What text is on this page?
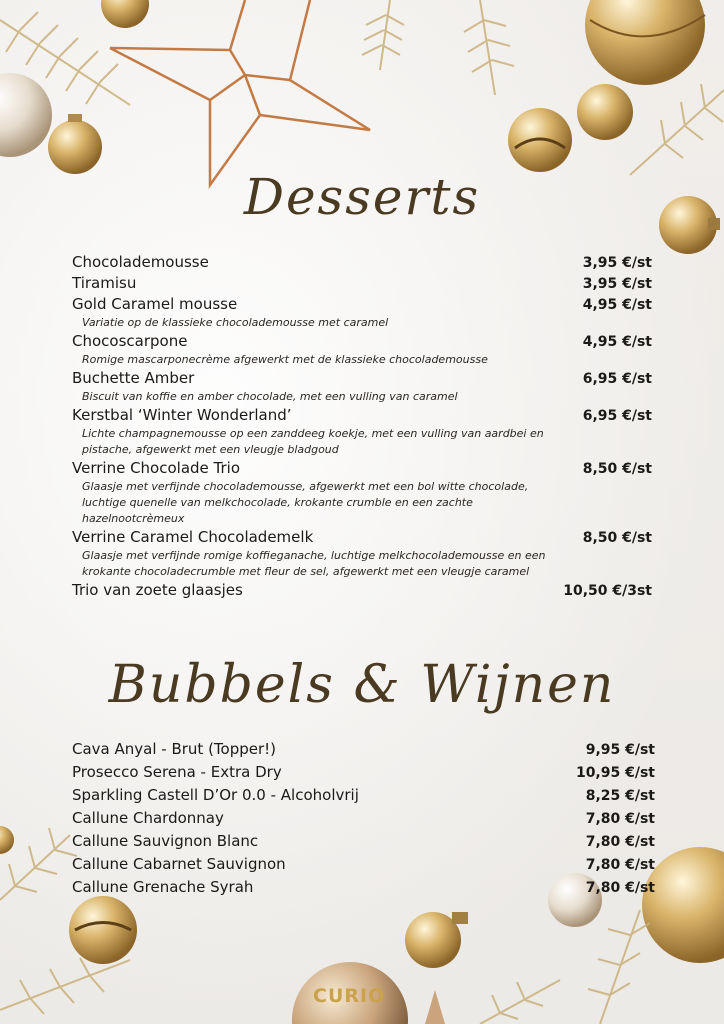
Desserts
Chocolademousse	3,95 €/st
Tiramisu	3,95 €/st
Gold Caramel mousse	4,95 €/st
Variatie op de klassieke chocolademousse met caramel
Chocoscarpone	4,95 €/st
Romige mascarponecrème afgewerkt met de klassieke chocolademousse
Buchette Amber	6,95 €/st
Biscuit van koffie en amber chocolade, met een vulling van caramel
Kerstbal ‘Winter Wonderland’	6,95 €/st
Lichte champagnemousse op een zanddeeg koekje, met een vulling van aardbei en pistache, afgewerkt met een vleugje bladgoud
Verrine Chocolade Trio	8,50 €/st
Glaasje met verfijnde chocolademousse, afgewerkt met een bol witte chocolade, luchtige quenelle van melkchocolade, krokante crumble en een zachte hazelnootcrèmeux
Verrine Caramel Chocolademelk	8,50 €/st
Glaasje met verfijnde romige koffieganache, luchtige melkchocolademousse en een krokante chocoladecrumble met fleur de sel, afgewerkt met een vleugje caramel
Trio van zoete glaasjes	10,50 €/3st
Bubbels & Wijnen
Cava Anyal - Brut (Topper!)	9,95 €/st
Prosecco Serena - Extra Dry	10,95 €/st
Sparkling Castell D’Or 0.0 - Alcoholvrij	8,25 €/st
Callune Chardonnay	7,80 €/st
Callune Sauvignon Blanc	7,80 €/st
Callune Cabarnet Sauvignon	7,80 €/st
Callune Grenache Syrah	7,80 €/st
CURIO
